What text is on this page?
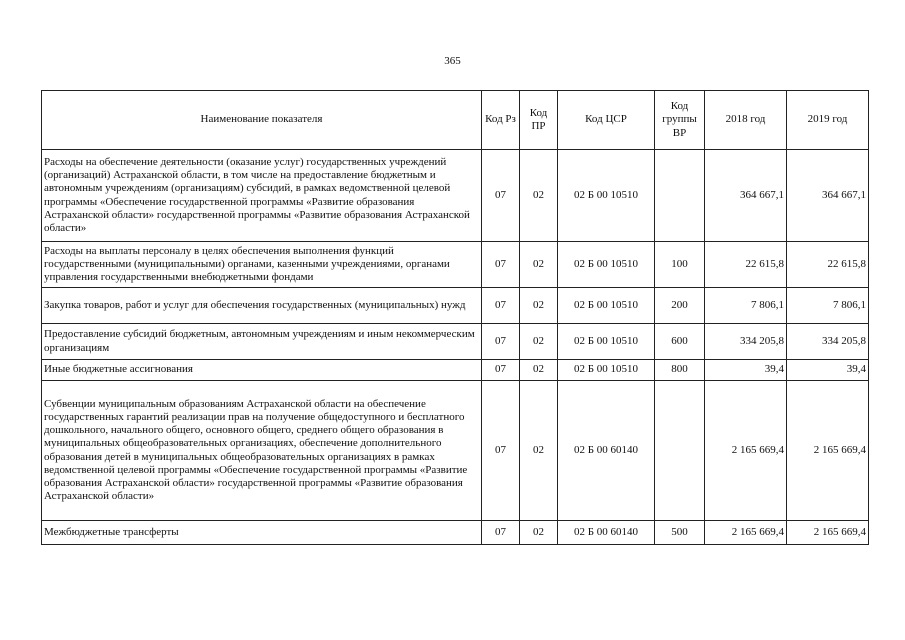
365
Наименование показателя	Код Рз	Код ПР	Код ЦСР	Код группы ВР	2018 год	2019 год
Расходы на обеспечение деятельности (оказание услуг) государственных учреждений (организаций) Астраханской области, в том числе на предоставление бюджетным и автономным учреждениям (организациям) субсидий, в рамках ведомственной целевой программы «Обеспечение государственной программы «Развитие образования Астраханской области» государственной программы «Развитие образования Астраханской области»	07	02	02 Б 00 10510		364 667,1	364 667,1
Расходы на выплаты персоналу в целях обеспечения выполнения функций государственными (муниципальными) органами, казенными учреждениями, органами управления государственными внебюджетными фондами	07	02	02 Б 00 10510	100	22 615,8	22 615,8
Закупка товаров, работ и услуг для обеспечения государственных (муниципальных) нужд	07	02	02 Б 00 10510	200	7 806,1	7 806,1
Предоставление субсидий бюджетным, автономным учреждениям и иным некоммерческим организациям	07	02	02 Б 00 10510	600	334 205,8	334 205,8
Иные бюджетные ассигнования	07	02	02 Б 00 10510	800	39,4	39,4
Субвенции муниципальным образованиям Астраханской области на обеспечение государственных гарантий реализации прав на получение общедоступного и бесплатного дошкольного, начального общего, основного общего, среднего общего образования в муниципальных общеобразовательных организациях, обеспечение дополнительного образования детей в муниципальных общеобразовательных организациях в рамках ведомственной целевой программы «Обеспечение государственной программы «Развитие образования Астраханской области» государственной программы «Развитие образования Астраханской области»	07	02	02 Б 00 60140		2 165 669,4	2 165 669,4
Межбюджетные трансферты	07	02	02 Б 00 60140	500	2 165 669,4	2 165 669,4
